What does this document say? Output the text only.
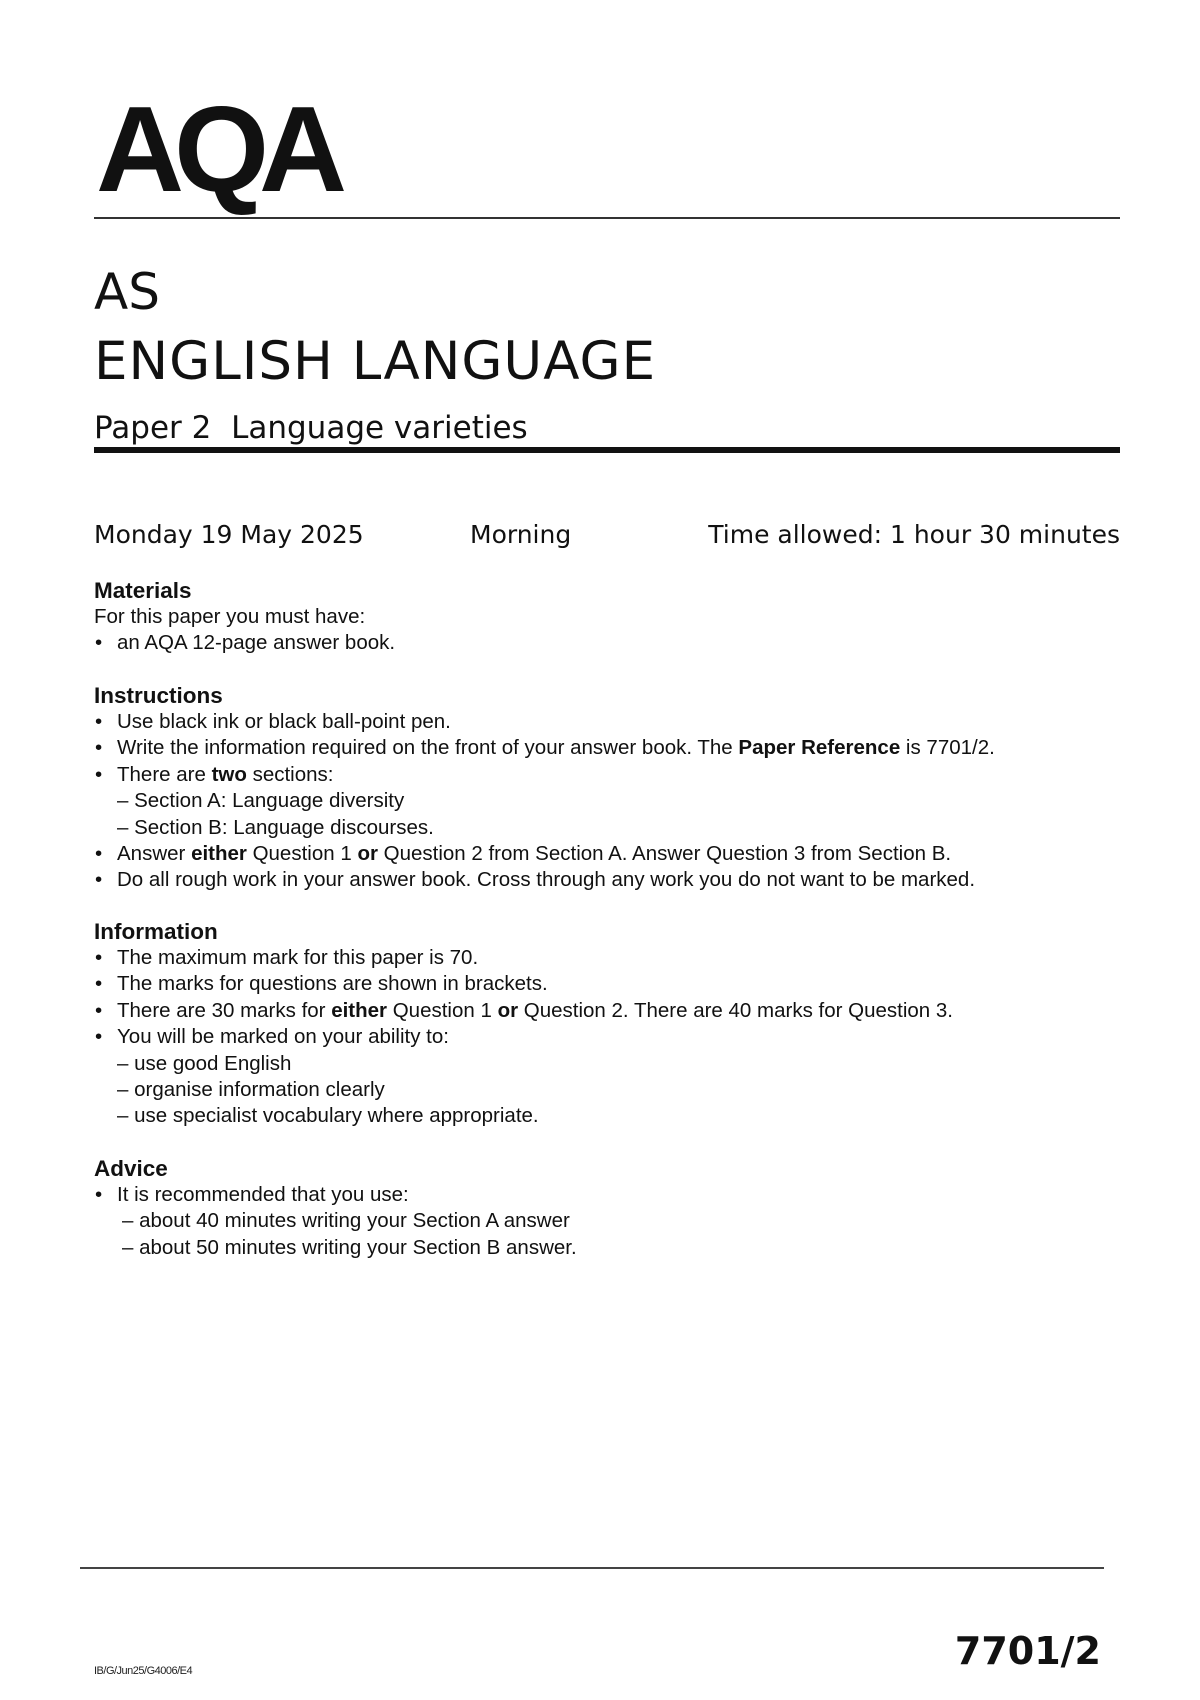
AQA
AS
ENGLISH LANGUAGE
Paper 2  Language varieties
Monday 19 May 2025	Morning	Time allowed: 1 hour 30 minutes
Materials

For this paper you must have:

• an AQA 12-page answer book.
Instructions
• Use black ink or black ball-point pen.
• Write the information required on the front of your answer book. The Paper Reference is 7701/2.
• There are two sections:
– Section A: Language diversity
– Section B: Language discourses.
• Answer either Question 1 or Question 2 from Section A. Answer Question 3 from Section B.
• Do all rough work in your answer book. Cross through any work you do not want to be marked.
Information
• The maximum mark for this paper is 70.
• The marks for questions are shown in brackets.
• There are 30 marks for either Question 1 or Question 2. There are 40 marks for Question 3.
• You will be marked on your ability to:
– use good English
– organise information clearly
– use specialist vocabulary where appropriate.
Advice
• It is recommended that you use:
– about 40 minutes writing your Section A answer
– about 50 minutes writing your Section B answer.
IB/G/Jun25/G4006/E4	7701/2
